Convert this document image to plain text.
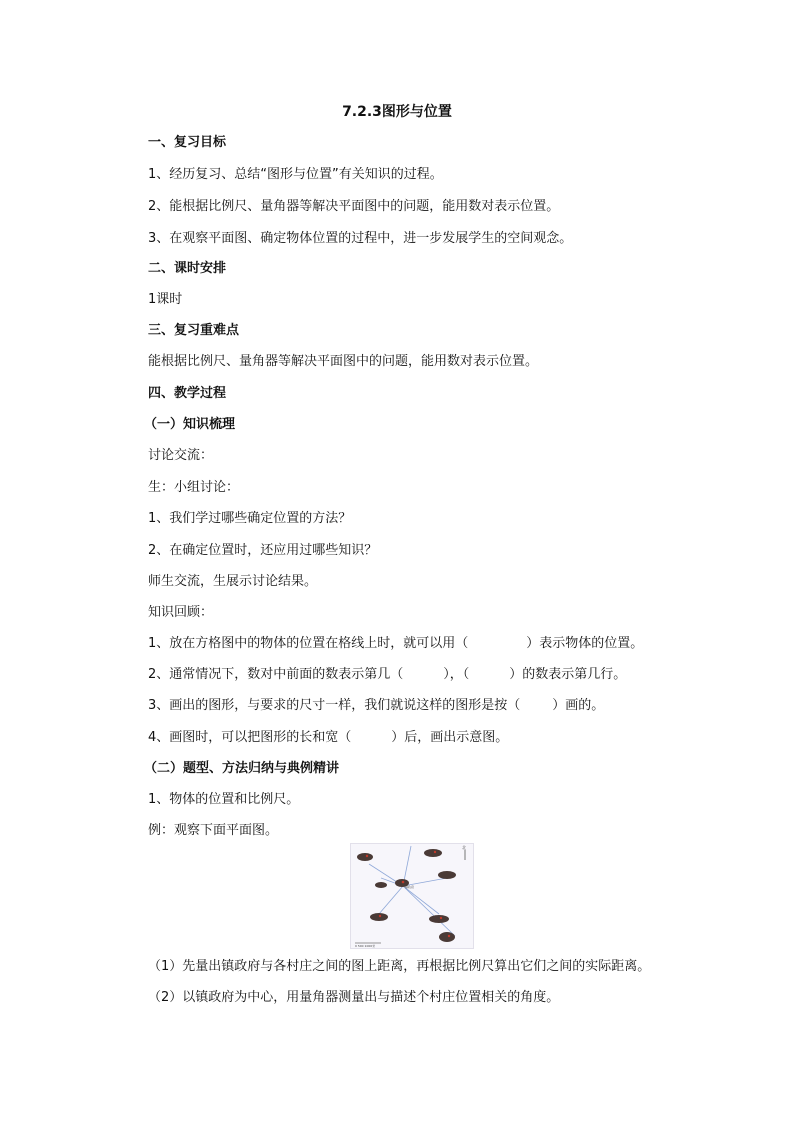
7.2.3图形与位置
一、复习目标
1、经历复习、总结“图形与位置”有关知识的过程。
2、能根据比例尺、量角器等解决平面图中的问题，能用数对表示位置。
3、在观察平面图、确定物体位置的过程中，进一步发展学生的空间观念。
二、课时安排
1课时
三、复习重难点
能根据比例尺、量角器等解决平面图中的问题，能用数对表示位置。
四、教学过程
（一）知识梳理
讨论交流：
生：小组讨论：
1、我们学过哪些确定位置的方法？
2、在确定位置时，还应用过哪些知识？
师生交流，生展示讨论结果。
知识回顾：
1、放在方格图中的物体的位置在格线上时，就可以用（	）表示物体的位置。
2、通常情况下，数对中前面的数表示第几（	），（	）的数表示第几行。
3、画出的图形，与要求的尺寸一样，我们就说这样的图形是按（ ）画的。
4、画图时，可以把图形的长和宽（	）后，画出示意图。
（二）题型、方法归纳与典例精讲
1、物体的位置和比例尺。
例：观察下面平面图。
北
镇政府
0 500 1000米
（1）先量出镇政府与各村庄之间的图上距离，再根据比例尺算出它们之间的实际距离。
（2）以镇政府为中心，用量角器测量出与描述个村庄位置相关的角度。
